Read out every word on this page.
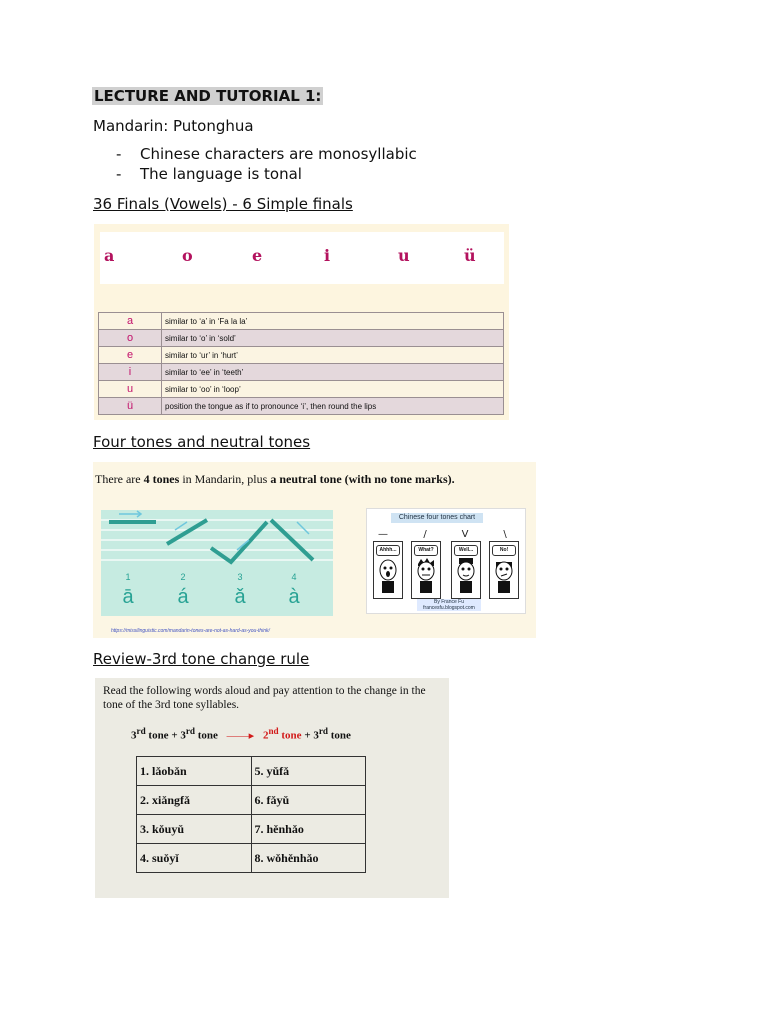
LECTURE AND TUTORIAL 1:
Mandarin: Putonghua
-	Chinese characters are monosyllabic
-	The language is tonal
36 Finals (Vowels) - 6 Simple finals
a	o	e	i	u	ü
a	similar to ‘a’ in ‘Fa la la’
o	similar to ‘o’ in ‘sold’
e	similar to ‘ur’ in ‘hurt’
i	similar to ‘ee’ in ‘teeth’
u	similar to ‘oo’ in ‘loop’
ü	position the tongue as if to pronounce ‘i’, then round the lips
Four tones and neutral tones
There are 4 tones in Mandarin, plus a neutral tone (with no tone marks).
1	2	3	4
ā	á	ǎ	à
https://missilinguistic.com/mandarin-tones-are-not-as-hard-as-you-think/
Chinese four tones chart
—	/	V	\
Ahhh...	What?	Well...	No!
By France Fu
francesfu.blogspot.com
Review-3rd tone change rule
Read the following words aloud and pay attention to the change in the tone of the 3rd tone syllables.
3rd tone + 3rd tone ——▸ 2nd tone + 3rd tone
1. lǎobǎn	5. yǔfǎ
2. xiǎngfǎ	6. fǎyǔ
3. kǒuyǔ	7. hěnhǎo
4. suǒyǐ	8. wǒhěnhǎo
